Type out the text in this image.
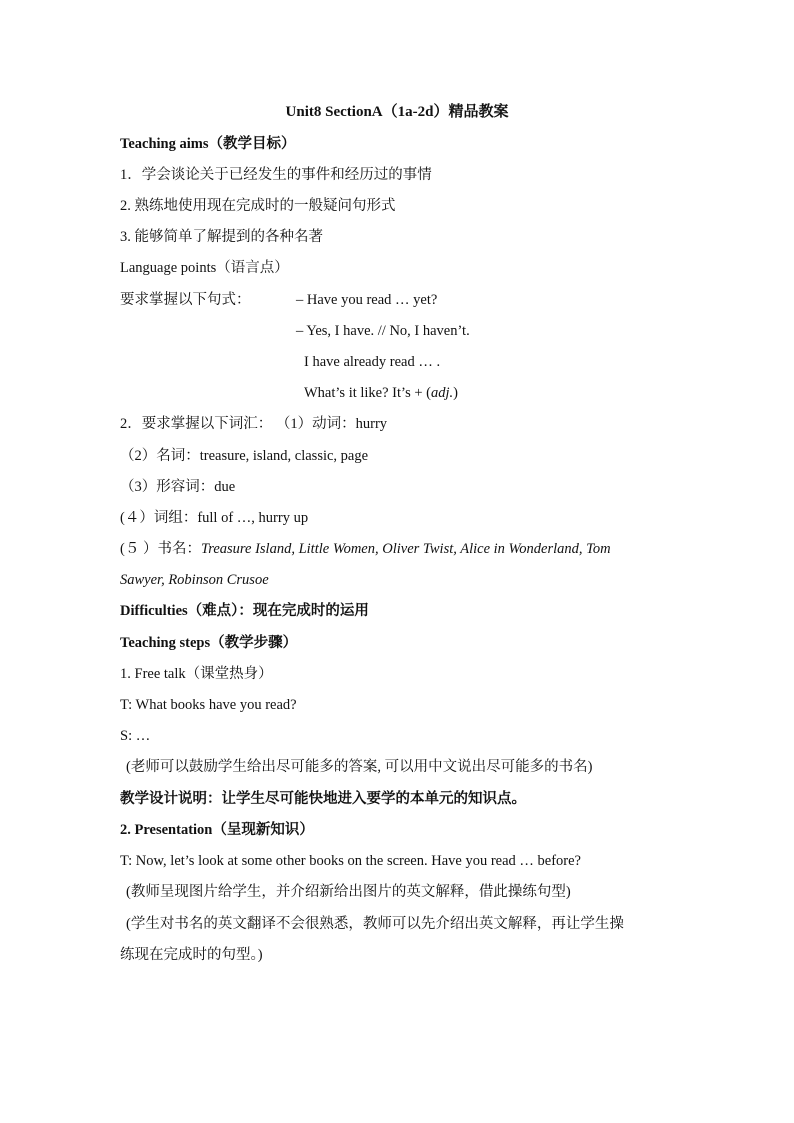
Unit8 SectionA（1a-2d）精品教案
Teaching aims（教学目标）
1．学会谈论关于已经发生的事件和经历过的事情
2. 熟练地使用现在完成时的一般疑问句形式
3. 能够简单了解提到的各种名著
Language points（语言点）
要求掌握以下句式：	– Have you read … yet?
– Yes, I have. // No, I haven’t.
I have already read … .
What’s it like? It’s + (adj.)
2．要求掌握以下词汇： （1）动词：hurry
（2）名词：treasure, island, classic, page
（3）形容词：due
(４）词组：full of …, hurry up
(５ ）书名：Treasure Island, Little Women, Oliver Twist, Alice in Wonderland, Tom
Sawyer, Robinson Crusoe
Difficulties（难点）：现在完成时的运用
Teaching steps（教学步骤）
1. Free talk（课堂热身）
T: What books have you read?
S: …
(老师可以鼓励学生给出尽可能多的答案, 可以用中文说出尽可能多的书名)
教学设计说明：让学生尽可能快地进入要学的本单元的知识点。
2. Presentation（呈现新知识）
T: Now, let’s look at some other books on the screen. Have you read … before?
(教师呈现图片给学生，并介绍新给出图片的英文解释，借此操练句型)
(学生对书名的英文翻译不会很熟悉，教师可以先介绍出英文解释，再让学生操
练现在完成时的句型。)
